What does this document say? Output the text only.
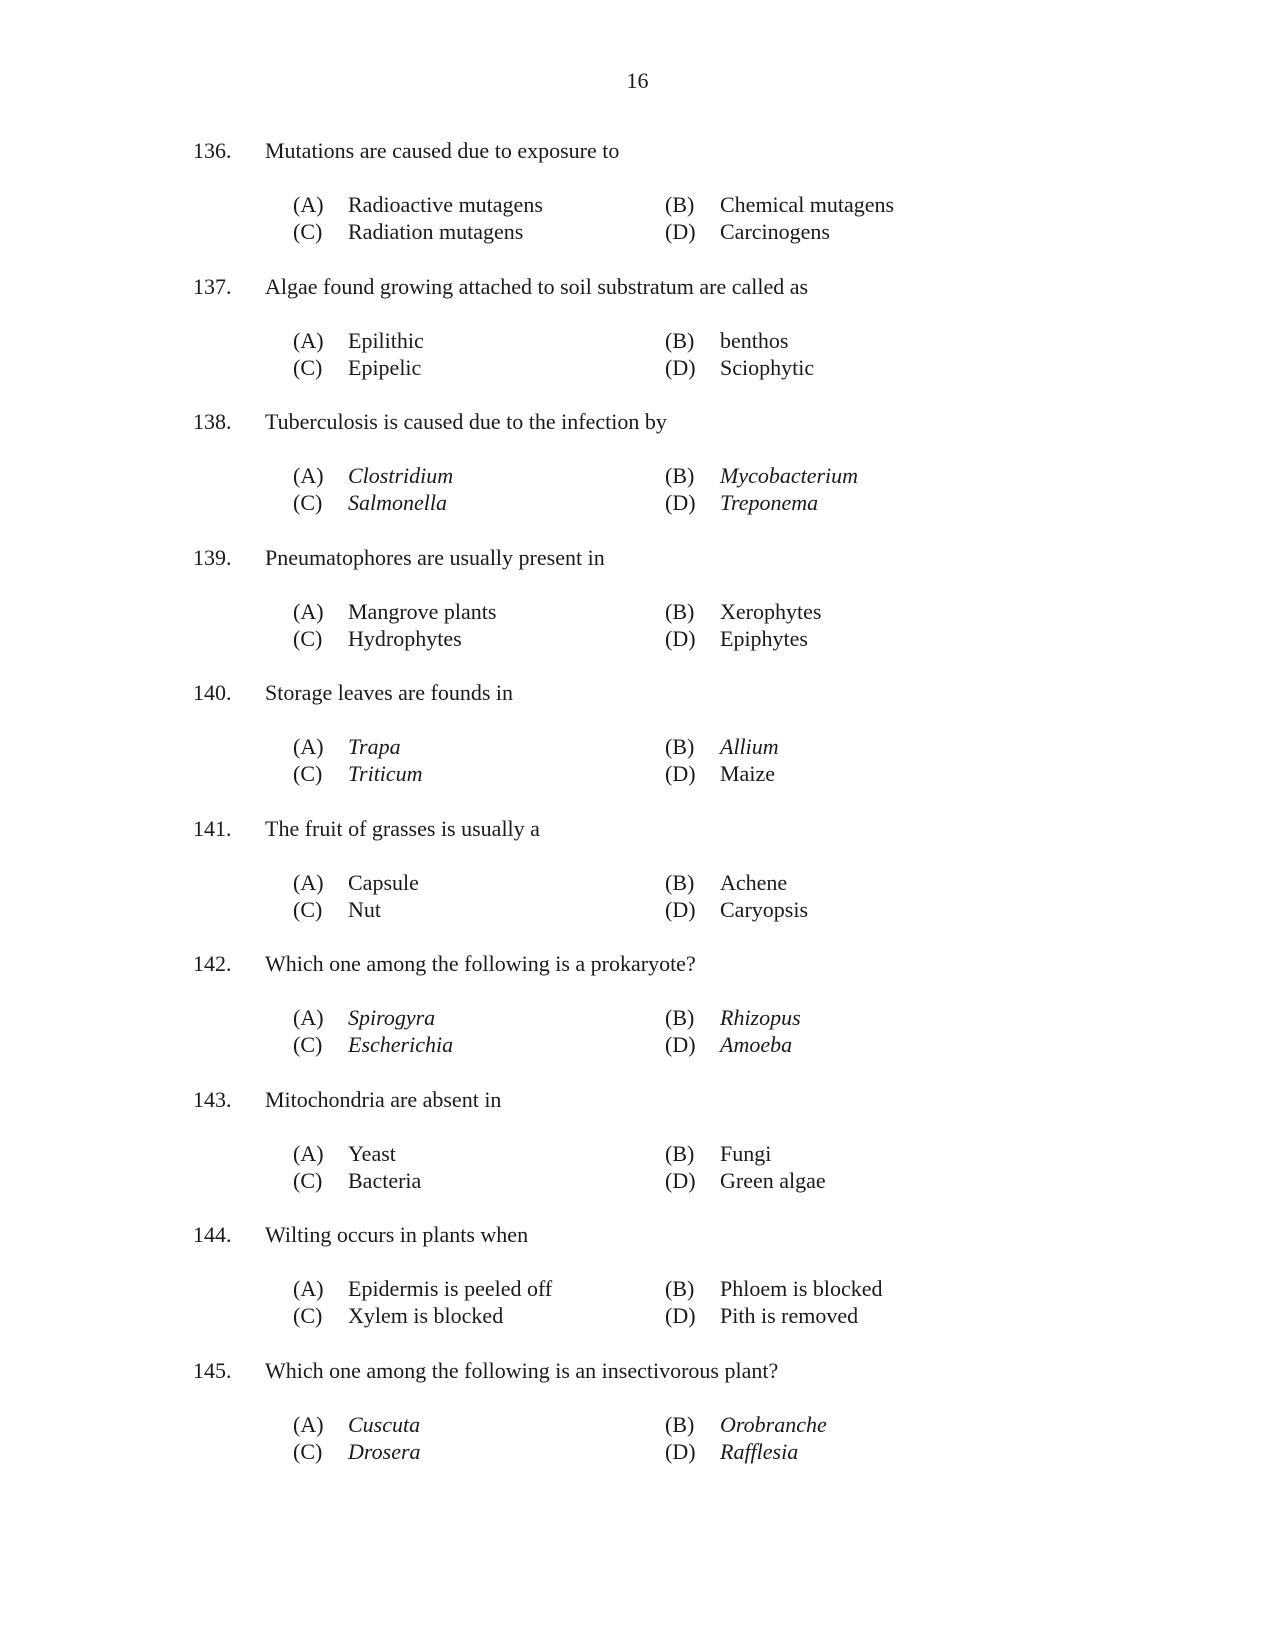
16
136. Mutations are caused due to exposure to
(A) Radioactive mutagens	(B) Chemical mutagens
(C) Radiation mutagens	(D) Carcinogens
137. Algae found growing attached to soil substratum are called as
(A) Epilithic	(B) benthos
(C) Epipelic	(D) Sciophytic
138. Tuberculosis is caused due to the infection by
(A) Clostridium	(B) Mycobacterium
(C) Salmonella	(D) Treponema
139. Pneumatophores are usually present in
(A) Mangrove plants	(B) Xerophytes
(C) Hydrophytes	(D) Epiphytes
140. Storage leaves are founds in
(A) Trapa	(B) Allium
(C) Triticum	(D) Maize
141. The fruit of grasses is usually a
(A) Capsule	(B) Achene
(C) Nut	(D) Caryopsis
142. Which one among the following is a prokaryote?
(A) Spirogyra	(B) Rhizopus
(C) Escherichia	(D) Amoeba
143. Mitochondria are absent in
(A) Yeast	(B) Fungi
(C) Bacteria	(D) Green algae
144. Wilting occurs in plants when
(A) Epidermis is peeled off	(B) Phloem is blocked
(C) Xylem is blocked	(D) Pith is removed
145. Which one among the following is an insectivorous plant?
(A) Cuscuta	(B) Orobranche
(C) Drosera	(D) Rafflesia
